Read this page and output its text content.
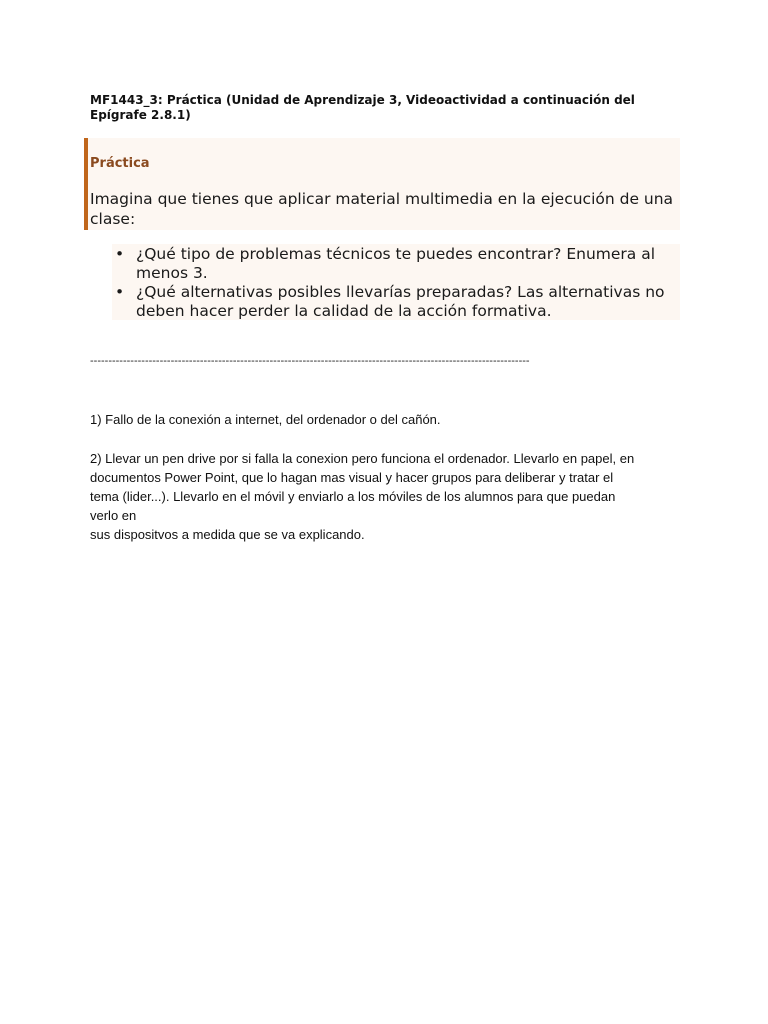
MF1443_3: Práctica (Unidad de Aprendizaje 3, Videoactividad a continuación del Epígrafe 2.8.1)
Práctica
Imagina que tienes que aplicar material multimedia en la ejecución de una clase:
• ¿Qué tipo de problemas técnicos te puedes encontrar? Enumera al menos 3.
• ¿Qué alternativas posibles llevarías preparadas? Las alternativas no deben hacer perder la calidad de la acción formativa.
------------------------------------------------------------------------------------------------------------------------
1) Fallo de la conexión a internet, del ordenador o del cañón.
2) Llevar un pen drive por si falla la conexion pero funciona el ordenador. Llevarlo en papel, en
documentos Power Point, que lo hagan mas visual y hacer grupos para deliberar y tratar el
tema (lider...). Llevarlo en el móvil y enviarlo a los móviles de los alumnos para que puedan
verlo en
sus dispositvos a medida que se va explicando.
